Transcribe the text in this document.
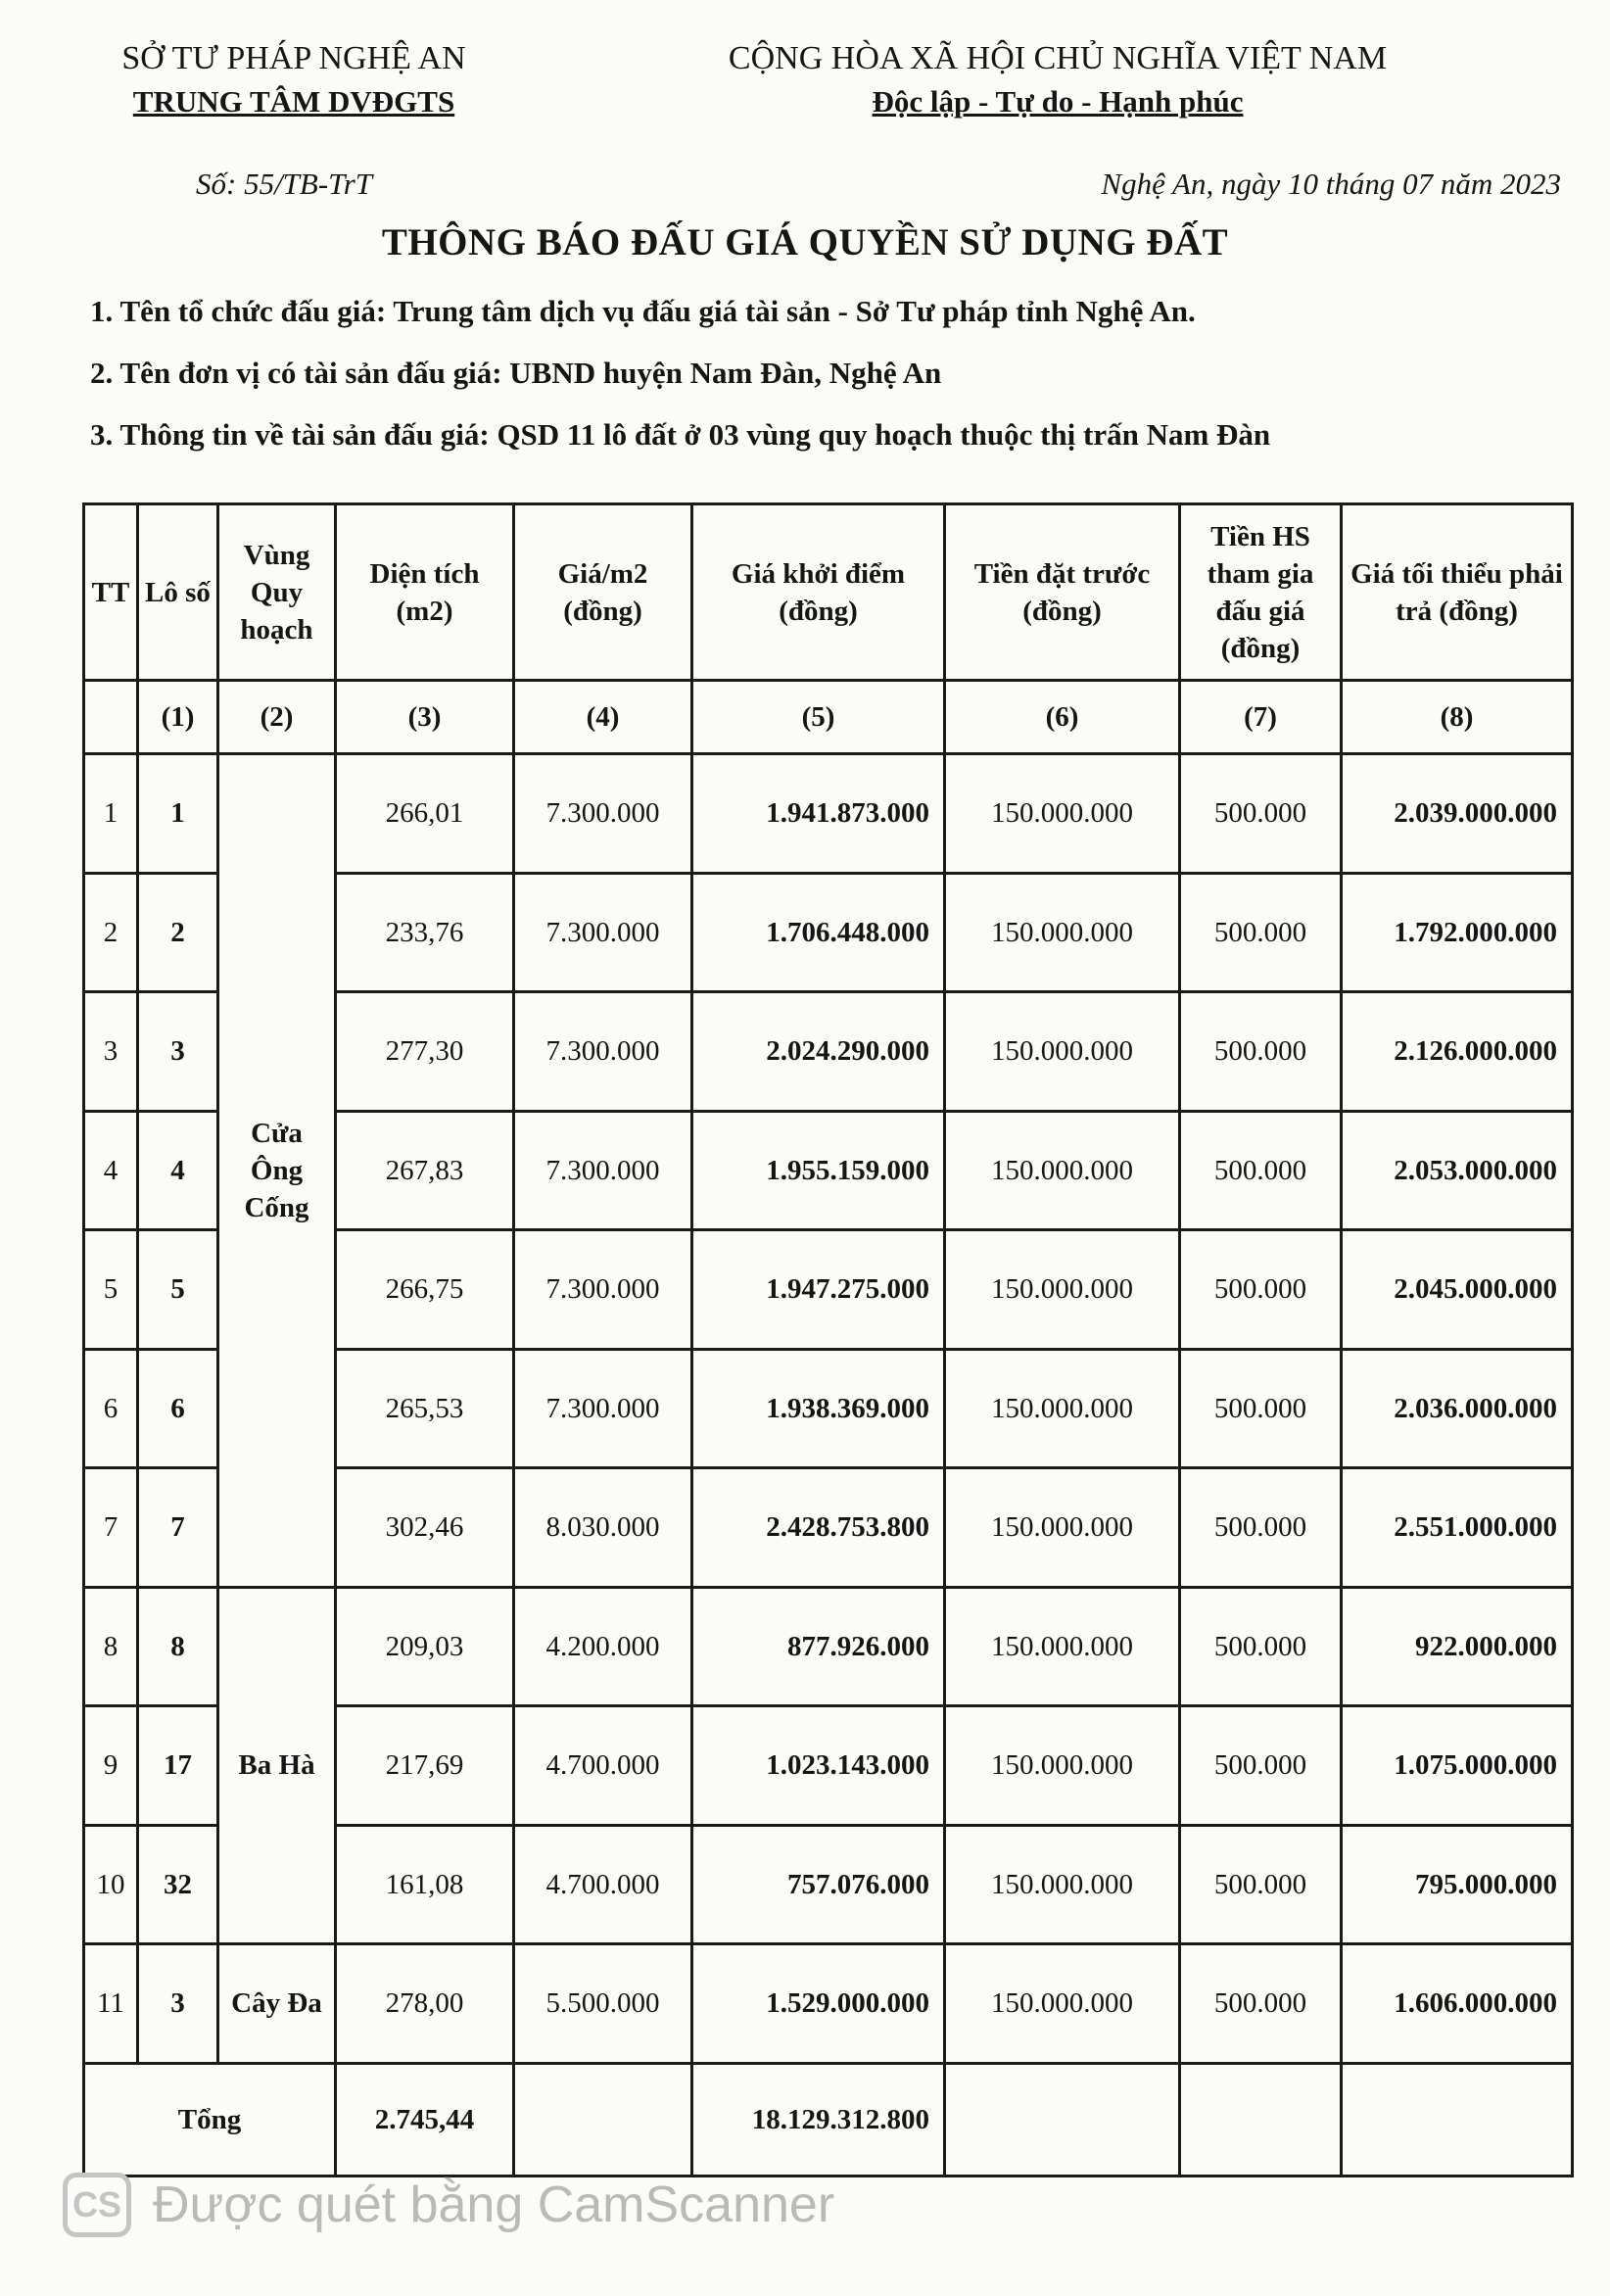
SỞ TƯ PHÁP NGHỆ AN
TRUNG TÂM DVĐGTS
CỘNG HÒA XÃ HỘI CHỦ NGHĨA VIỆT NAM
Độc lập - Tự do - Hạnh phúc
Số: 55/TB-TrT	Nghệ An, ngày 10 tháng 07 năm 2023
THÔNG BÁO ĐẤU GIÁ QUYỀN SỬ DỤNG ĐẤT
1. Tên tổ chức đấu giá: Trung tâm dịch vụ đấu giá tài sản - Sở Tư pháp tỉnh Nghệ An.
2. Tên đơn vị có tài sản đấu giá: UBND huyện Nam Đàn, Nghệ An
3. Thông tin về tài sản đấu giá: QSD 11 lô đất ở 03 vùng quy hoạch thuộc thị trấn Nam Đàn
TT	Lô số	Vùng Quy hoạch	Diện tích (m2)	Giá/m2 (đồng)	Giá khởi điểm (đồng)	Tiền đặt trước (đồng)	Tiền HS tham gia đấu giá (đồng)	Giá tối thiểu phải trả (đồng)
	(1)	(2)	(3)	(4)	(5)	(6)	(7)	(8)
1	1	Cửa Ông Cống	266,01	7.300.000	1.941.873.000	150.000.000	500.000	2.039.000.000
2	2		233,76	7.300.000	1.706.448.000	150.000.000	500.000	1.792.000.000
3	3		277,30	7.300.000	2.024.290.000	150.000.000	500.000	2.126.000.000
4	4		267,83	7.300.000	1.955.159.000	150.000.000	500.000	2.053.000.000
5	5		266,75	7.300.000	1.947.275.000	150.000.000	500.000	2.045.000.000
6	6		265,53	7.300.000	1.938.369.000	150.000.000	500.000	2.036.000.000
7	7		302,46	8.030.000	2.428.753.800	150.000.000	500.000	2.551.000.000
8	8	Ba Hà	209,03	4.200.000	877.926.000	150.000.000	500.000	922.000.000
9	17		217,69	4.700.000	1.023.143.000	150.000.000	500.000	1.075.000.000
10	32		161,08	4.700.000	757.076.000	150.000.000	500.000	795.000.000
11	3	Cây Đa	278,00	5.500.000	1.529.000.000	150.000.000	500.000	1.606.000.000
Tổng			2.745,44		18.129.312.800			
CS Được quét bằng CamScanner
